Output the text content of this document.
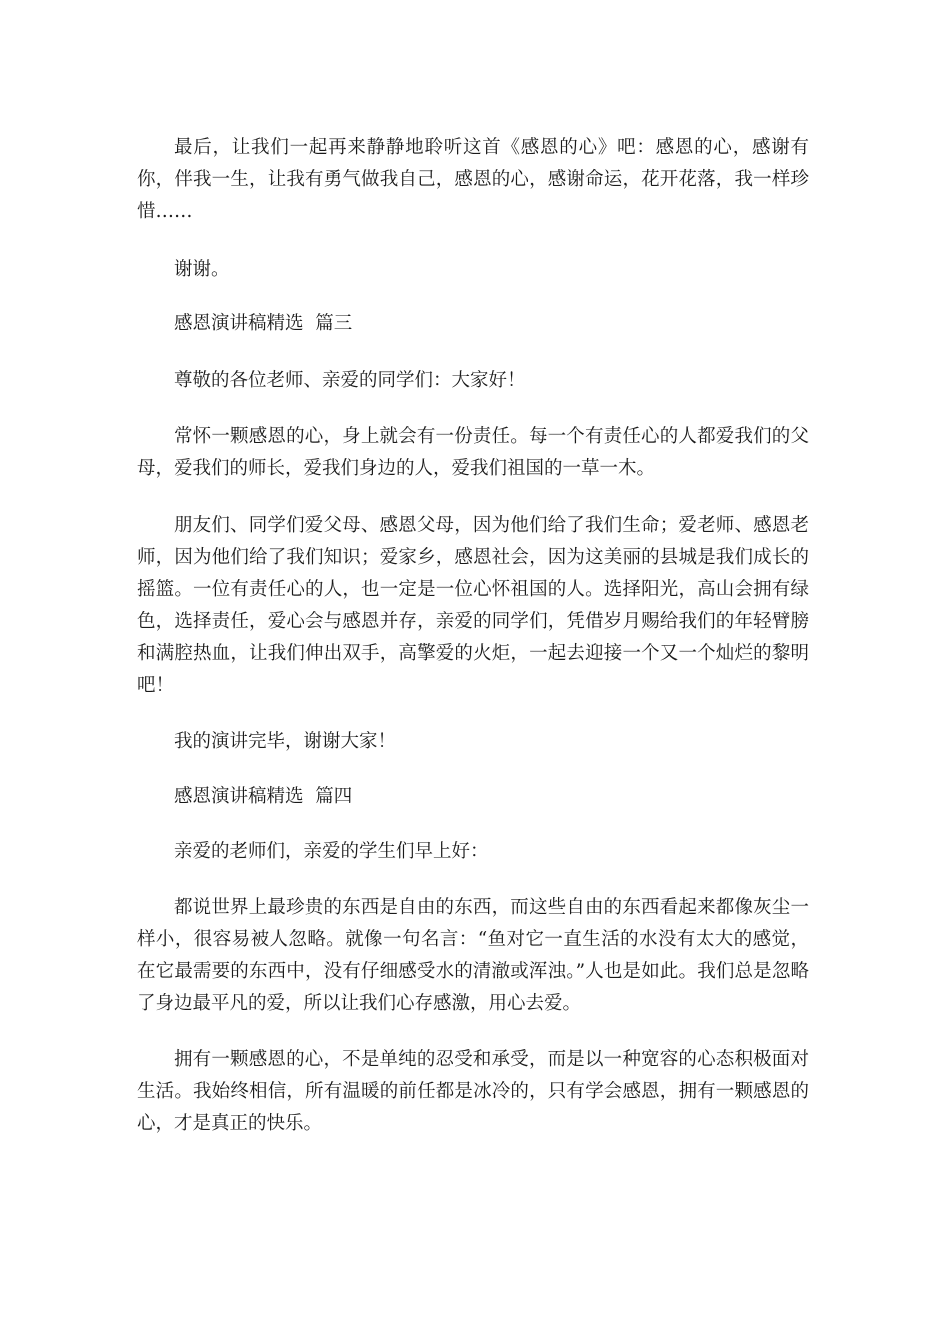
最后，让我们一起再来静静地聆听这首《感恩的心》吧：感恩的心，感谢有你，伴我一生，让我有勇气做我自己，感恩的心，感谢命运，花开花落，我一样珍惜……

谢谢。

感恩演讲稿精选  篇三

尊敬的各位老师、亲爱的同学们：大家好！

常怀一颗感恩的心，身上就会有一份责任。每一个有责任心的人都爱我们的父母，爱我们的师长，爱我们身边的人，爱我们祖国的一草一木。

朋友们、同学们爱父母、感恩父母，因为他们给了我们生命；爱老师、感恩老师，因为他们给了我们知识；爱家乡，感恩社会，因为这美丽的县城是我们成长的摇篮。一位有责任心的人，也一定是一位心怀祖国的人。选择阳光，高山会拥有绿色，选择责任，爱心会与感恩并存，亲爱的同学们，凭借岁月赐给我们的年轻臂膀和满腔热血，让我们伸出双手，高擎爱的火炬，一起去迎接一个又一个灿烂的黎明吧！

我的演讲完毕，谢谢大家！

感恩演讲稿精选  篇四

亲爱的老师们，亲爱的学生们早上好：

都说世界上最珍贵的东西是自由的东西，而这些自由的东西看起来都像灰尘一样小，很容易被人忽略。就像一句名言：“鱼对它一直生活的水没有太大的感觉，在它最需要的东西中，没有仔细感受水的清澈或浑浊。”人也是如此。我们总是忽略了身边最平凡的爱，所以让我们心存感激，用心去爱。

拥有一颗感恩的心，不是单纯的忍受和承受，而是以一种宽容的心态积极面对生活。我始终相信，所有温暖的前任都是冰冷的，只有学会感恩，拥有一颗感恩的心，才是真正的快乐。
